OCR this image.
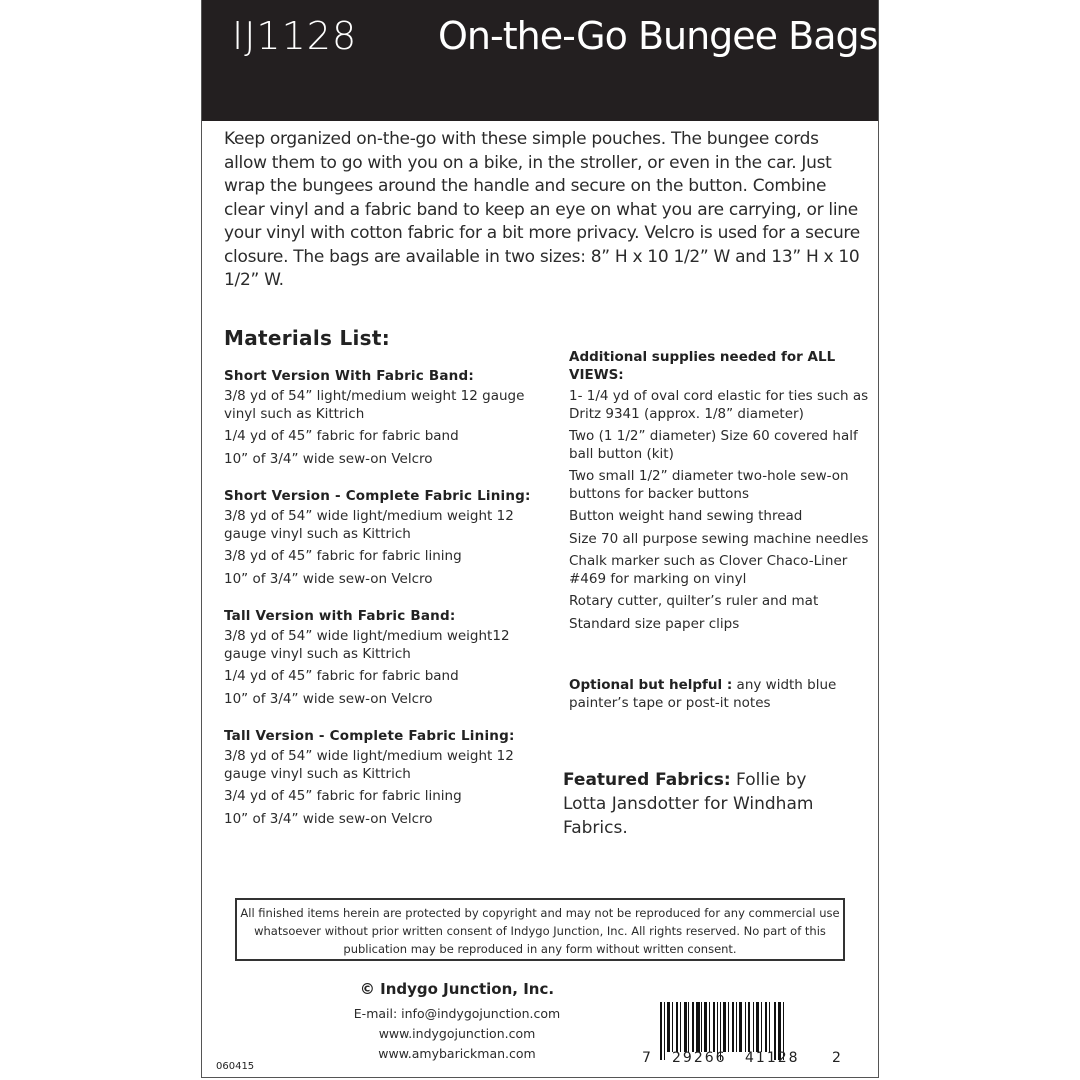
IJ1128 On-the-Go Bungee Bags
Keep organized on-the-go with these simple pouches. The bungee cords allow them to go with you on a bike, in the stroller, or even in the car. Just wrap the bungees around the handle and secure on the button. Combine clear vinyl and a fabric band to keep an eye on what you are carrying, or line your vinyl with cotton fabric for a bit more privacy. Velcro is used for a secure closure. The bags are available in two sizes: 8” H x 10 1/2” W and 13” H x 10 1/2” W.
Materials List:
Short Version With Fabric Band:
3/8 yd of 54” light/medium weight 12 gauge vinyl such as Kittrich
1/4 yd of 45” fabric for fabric band
10” of 3/4” wide sew-on Velcro
Short Version - Complete Fabric Lining:
3/8 yd of 54” wide light/medium weight 12 gauge vinyl such as Kittrich
3/8 yd of 45” fabric for fabric lining
10” of 3/4” wide sew-on Velcro
Tall Version with Fabric Band:
3/8 yd of 54” wide light/medium weight12 gauge vinyl such as Kittrich
1/4 yd of 45” fabric for fabric band
10” of 3/4” wide sew-on Velcro
Tall Version - Complete Fabric Lining:
3/8 yd of 54” wide light/medium weight 12 gauge vinyl such as Kittrich
3/4 yd of 45” fabric for fabric lining
10” of 3/4” wide sew-on Velcro
Additional supplies needed for ALL VIEWS:
1- 1/4 yd of oval cord elastic for ties such as Dritz 9341 (approx. 1/8” diameter)
Two (1 1/2” diameter) Size 60 covered half ball button (kit)
Two small 1/2” diameter two-hole sew-on buttons for backer buttons
Button weight hand sewing thread
Size 70 all purpose sewing machine needles
Chalk marker such as Clover Chaco-Liner #469 for marking on vinyl
Rotary cutter, quilter’s ruler and mat
Standard size paper clips
Optional but helpful : any width blue painter’s tape or post-it notes
Featured Fabrics: Follie by Lotta Jansdotter for Windham Fabrics.
All finished items herein are protected by copyright and may not be reproduced for any commercial use whatsoever without prior written consent of Indygo Junction, Inc. All rights reserved. No part of this publication may be reproduced in any form without written consent.
© Indygo Junction, Inc.
E-mail: info@indygojunction.com
www.indygojunction.com
www.amybarickman.com
060415
7 29266 41128 2
